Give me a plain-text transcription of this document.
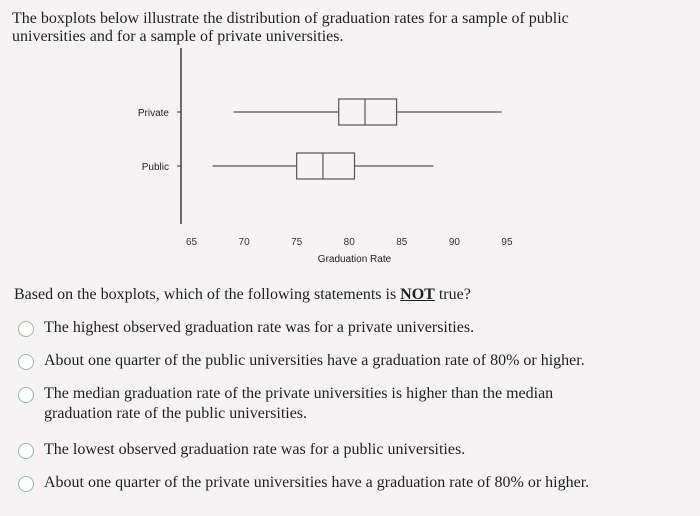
The boxplots below illustrate the distribution of graduation rates for a sample of public universities and for a sample of private universities.
65	70	75	80	85	90	95
Graduation Rate
Private
Public
Based on the boxplots, which of the following statements is NOT true?
The highest observed graduation rate was for a private universities.
About one quarter of the public universities have a graduation rate of 80% or higher.
The median graduation rate of the private universities is higher than the median graduation rate of the public universities.
The lowest observed graduation rate was for a public universities.
About one quarter of the private universities have a graduation rate of 80% or higher.
